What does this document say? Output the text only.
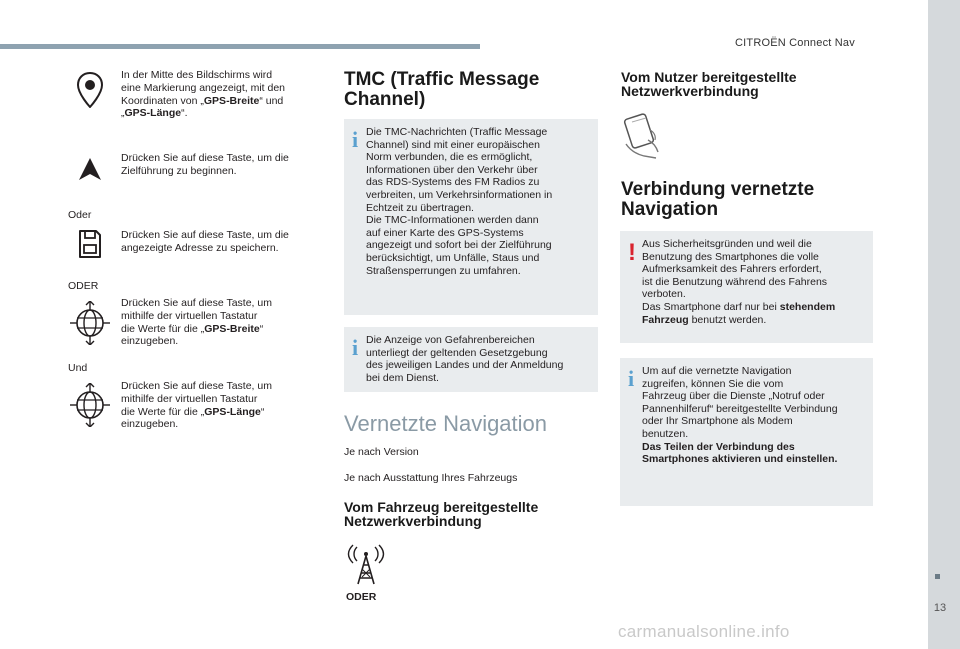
CITROËN Connect Nav
13
In der Mitte des Bildschirms wird
eine Markierung angezeigt, mit den
Koordinaten von „GPS-Breite“ und
„GPS-Länge“.
Drücken Sie auf diese Taste, um die
Zielführung zu beginnen.
Oder
Drücken Sie auf diese Taste, um die
angezeigte Adresse zu speichern.
ODER
Drücken Sie auf diese Taste, um
mithilfe der virtuellen Tastatur
die Werte für die „GPS-Breite“
einzugeben.
Und
Drücken Sie auf diese Taste, um
mithilfe der virtuellen Tastatur
die Werte für die „GPS-Länge“
einzugeben.
TMC (Traffic Message
Channel)
i Die TMC-Nachrichten (Traffic Message
Channel) sind mit einer europäischen
Norm verbunden, die es ermöglicht,
Informationen über den Verkehr über
das RDS-Systems des FM Radios zu
verbreiten, um Verkehrsinformationen in
Echtzeit zu übertragen.
Die TMC-Informationen werden dann
auf einer Karte des GPS-Systems
angezeigt und sofort bei der Zielführung
berücksichtigt, um Unfälle, Staus und
Straßensperrungen zu umfahren.
i Die Anzeige von Gefahrenbereichen
unterliegt der geltenden Gesetzgebung
des jeweiligen Landes und der Anmeldung
bei dem Dienst.
Vernetzte Navigation
Je nach Version
Je nach Ausstattung Ihres Fahrzeugs
Vom Fahrzeug bereitgestellte
Netzwerkverbindung
ODER
Vom Nutzer bereitgestellte
Netzwerkverbindung
Verbindung vernetzte
Navigation
! Aus Sicherheitsgründen und weil die
Benutzung des Smartphones die volle
Aufmerksamkeit des Fahrers erfordert,
ist die Benutzung während des Fahrens
verboten.
Das Smartphone darf nur bei stehendem
Fahrzeug benutzt werden.
i Um auf die vernetzte Navigation
zugreifen, können Sie die vom
Fahrzeug über die Dienste „Notruf oder
Pannenhilferuf“ bereitgestellte Verbindung
oder Ihr Smartphone als Modem
benutzen.
Das Teilen der Verbindung des
Smartphones aktivieren und einstellen.
carmanualsonline.info
